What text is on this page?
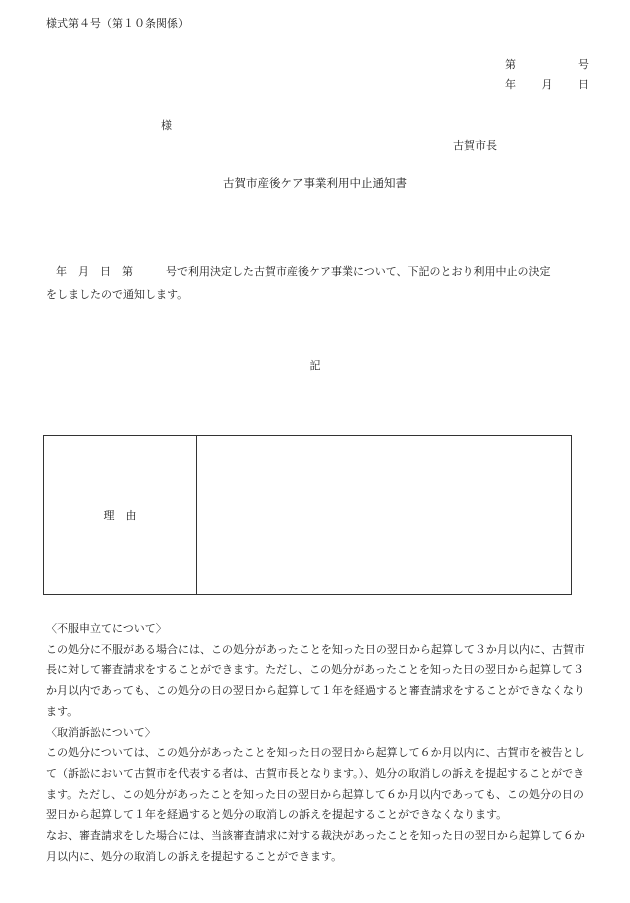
様式第４号（第１０条関係）
第	号
年 月 日
様
古賀市長
古賀市産後ケア事業利用中止通知書
年　月　日　第　　　号で利用決定した古賀市産後ケア事業について、下記のとおり利用中止の決定
をしましたので通知します。
記
理　由

〈不服申立てについて〉

この処分に不服がある場合には、この処分があったことを知った日の翌日から起算して３か月以内に、古賀市長に対して審査請求をすることができます。ただし、この処分があったことを知った日の翌日から起算して３か月以内であっても、この処分の日の翌日から起算して１年を経過すると審査請求をすることができなくなります。

〈取消訴訟について〉

この処分については、この処分があったことを知った日の翌日から起算して６か月以内に、古賀市を被告として（訴訟において古賀市を代表する者は、古賀市長となります。）、処分の取消しの訴えを提起することができます。ただし、この処分があったことを知った日の翌日から起算して６か月以内であっても、この処分の日の翌日から起算して１年を経過すると処分の取消しの訴えを提起することができなくなります。

なお、審査請求をした場合には、当該審査請求に対する裁決があったことを知った日の翌日から起算して６か月以内に、処分の取消しの訴えを提起することができます。
